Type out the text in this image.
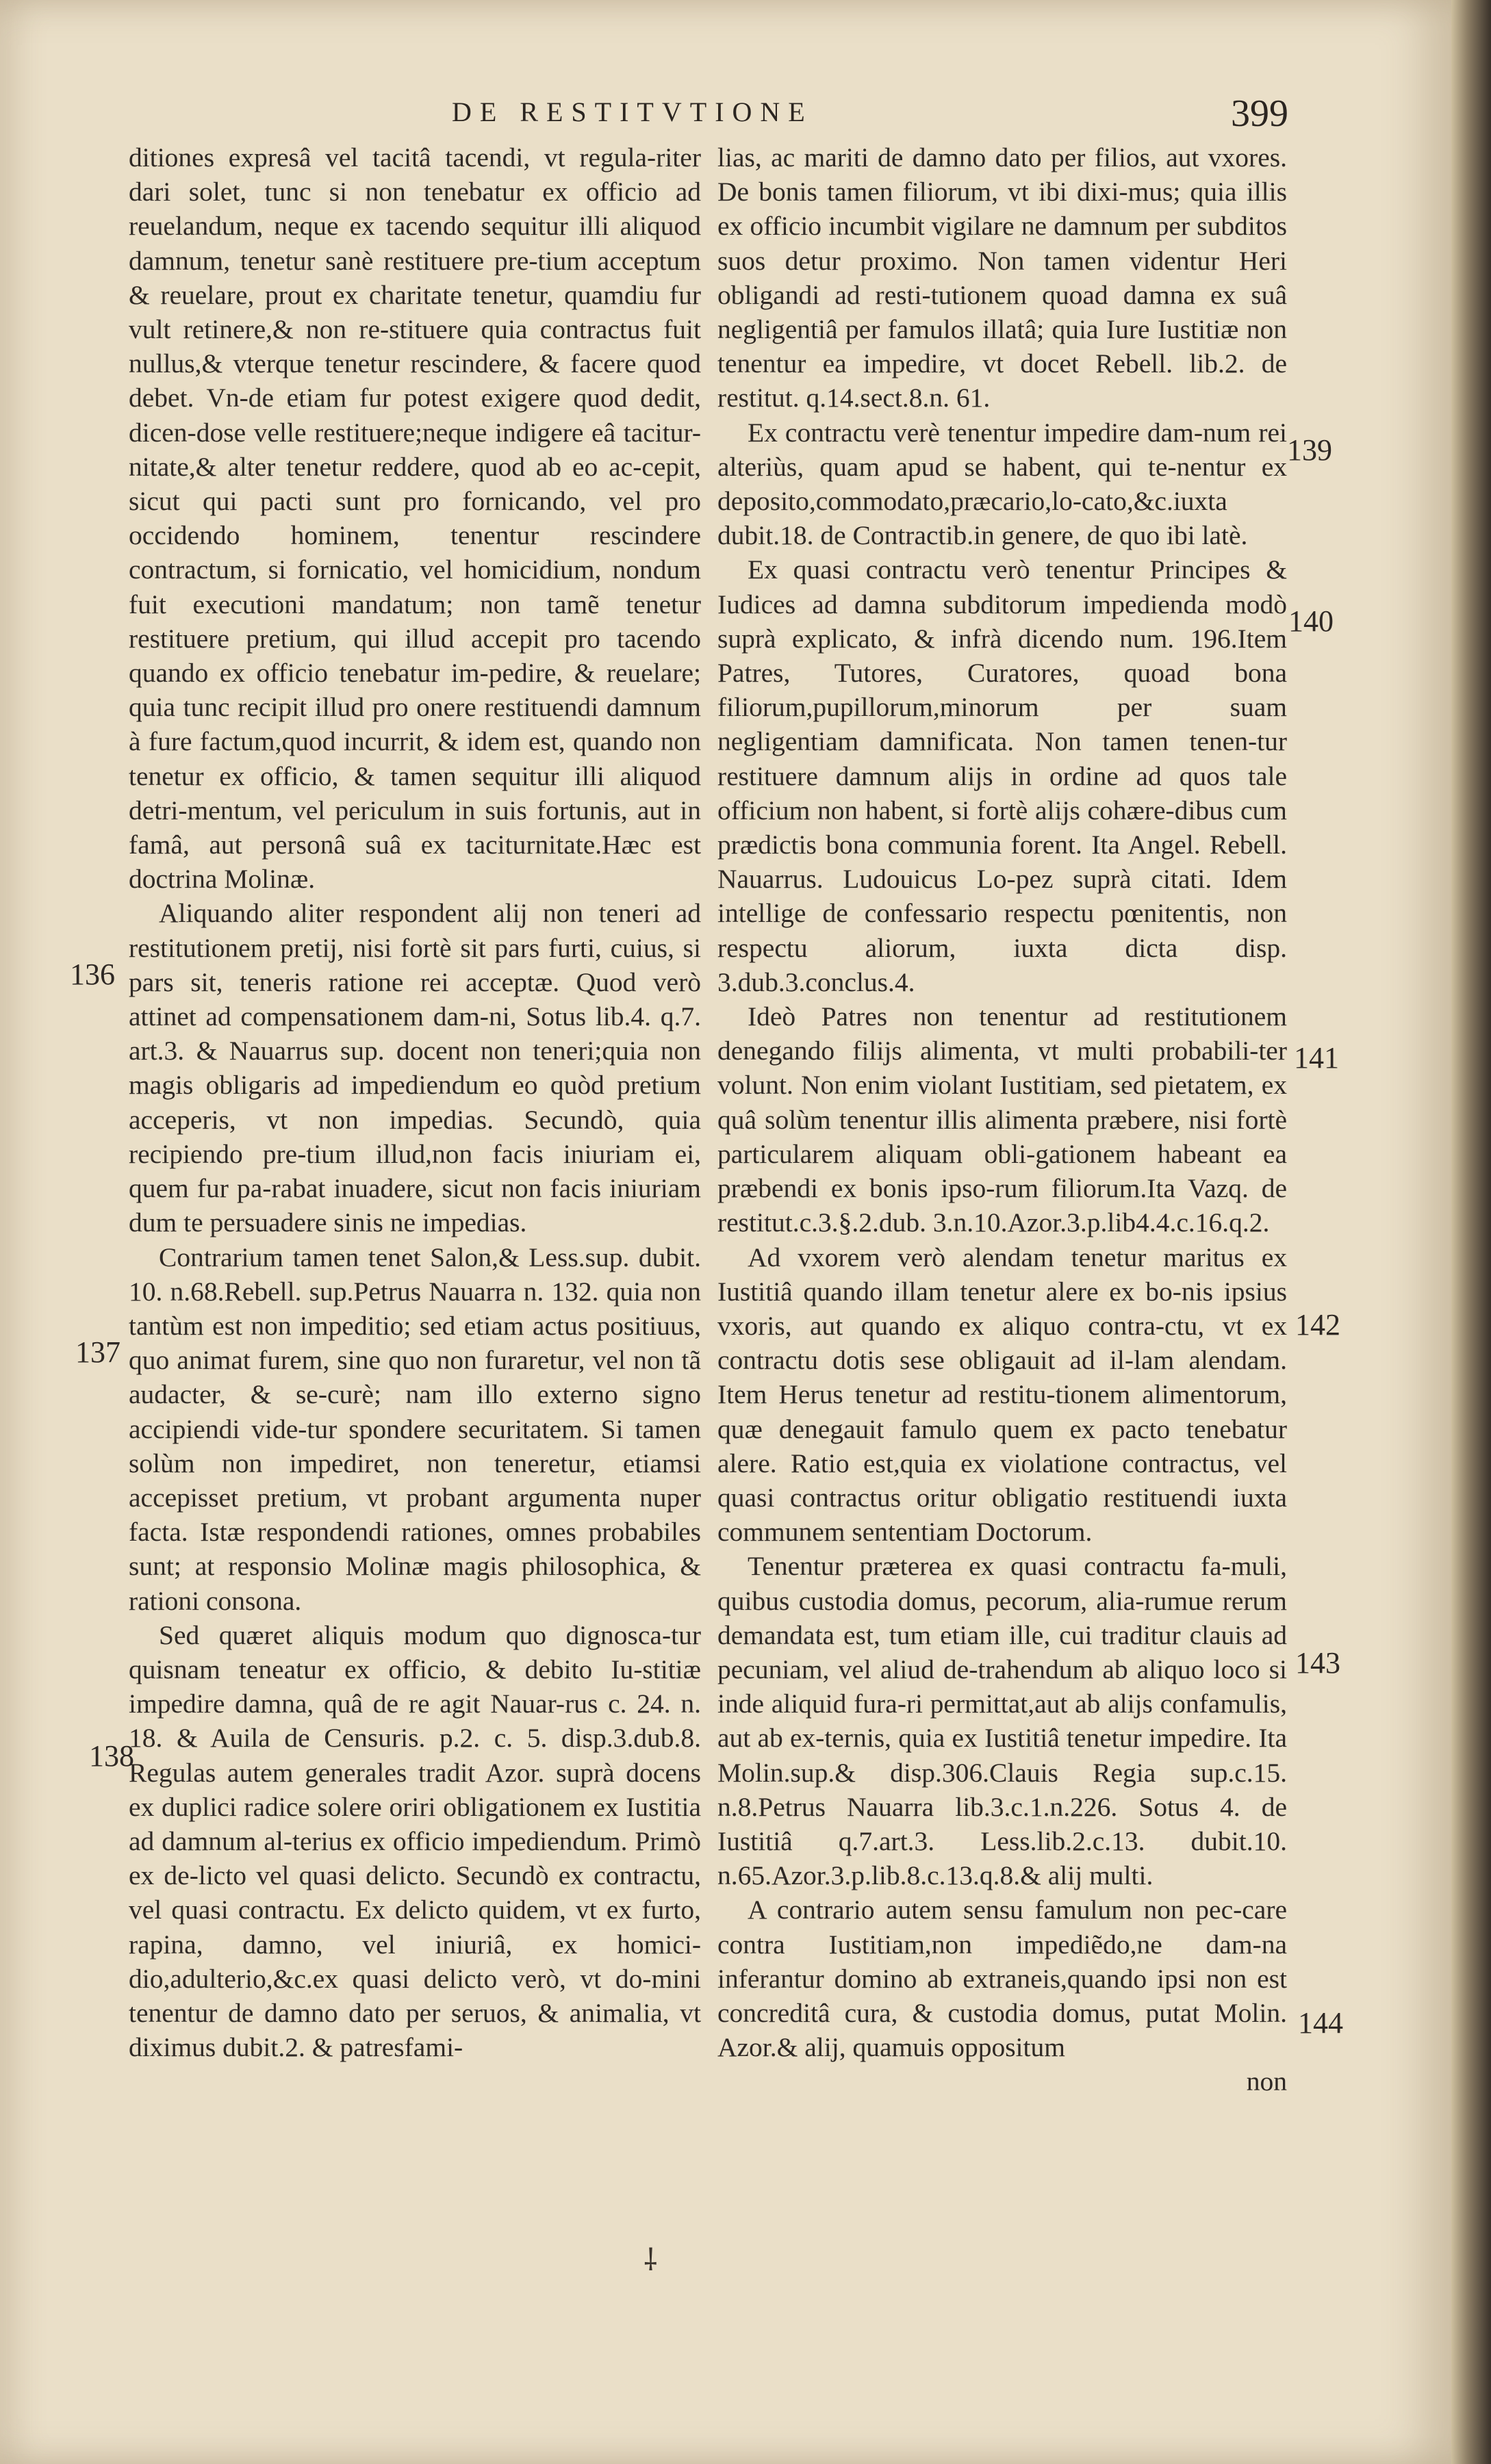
DE RESTITVTIONE	399

ditiones expresâ vel tacitâ tacendi, vt regula-riter dari solet, tunc si non tenebatur ex officio ad reuelandum, neque ex tacendo sequitur illi aliquod damnum, tenetur sanè restituere pre-tium acceptum & reuelare, prout ex charitate tenetur, quamdiu fur vult retinere,& non re-stituere quia contractus fuit nullus,& vterque tenetur rescindere, & facere quod debet. Vn-de etiam fur potest exigere quod dedit, dicen-dose velle restituere;neque indigere eâ tacitur-nitate,& alter tenetur reddere, quod ab eo ac-cepit, sicut qui pacti sunt pro fornicando, vel pro occidendo hominem, tenentur rescindere contractum, si fornicatio, vel homicidium, nondum fuit executioni mandatum; non tamẽ tenetur restituere pretium, qui illud accepit pro tacendo quando ex officio tenebatur im-pedire, & reuelare; quia tunc recipit illud pro onere restituendi damnum à fure factum,quod incurrit, & idem est, quando non tenetur ex officio, & tamen sequitur illi aliquod detri-mentum, vel periculum in suis fortunis, aut in famâ, aut personâ suâ ex taciturnitate.Hæc est doctrina Molinæ.

Aliquando aliter respondent alij non teneri ad restitutionem pretij, nisi fortè sit pars furti, cuius, si pars sit, teneris ratione rei acceptæ. Quod verò attinet ad compensationem dam-ni, Sotus lib.4. q.7. art.3. & Nauarrus sup. docent non teneri;quia non magis obligaris ad impediendum eo quòd pretium acceperis, vt non impedias. Secundò, quia recipiendo pre-tium illud,non facis iniuriam ei, quem fur pa-rabat inuadere, sicut non facis iniuriam dum te persuadere sinis ne impedias.

Contrarium tamen tenet Salon,& Less.sup. dubit. 10. n.68.Rebell. sup.Petrus Nauarra n. 132. quia non tantùm est non impeditio; sed etiam actus positiuus, quo animat furem, sine quo non furaretur, vel non tã audacter, & se-curè; nam illo externo signo accipiendi vide-tur spondere securitatem. Si tamen solùm non impediret, non teneretur, etiamsi accepisset pretium, vt probant argumenta nuper facta. Istæ respondendi rationes, omnes probabiles sunt; at responsio Molinæ magis philosophica, & rationi consona.

Sed quæret aliquis modum quo dignosca-tur quisnam teneatur ex officio, & debito Iu-stitiæ impedire damna, quâ de re agit Nauar-rus c. 24. n. 18. & Auila de Censuris. p.2. c. 5. disp.3.dub.8. Regulas autem generales tradit Azor. suprà docens ex duplici radice solere oriri obligationem ex Iustitia ad damnum al-terius ex officio impediendum. Primò ex de-licto vel quasi delicto. Secundò ex contractu, vel quasi contractu. Ex delicto quidem, vt ex furto, rapina, damno, vel iniuriâ, ex homici-dio,adulterio,&c.ex quasi delicto verò, vt do-mini tenentur de damno dato per seruos, & animalia, vt diximus dubit.2. & patresfami-

lias, ac mariti de damno dato per filios, aut vxores. De bonis tamen filiorum, vt ibi dixi-mus; quia illis ex officio incumbit vigilare ne damnum per subditos suos detur proximo. Non tamen videntur Heri obligandi ad resti-tutionem quoad damna ex suâ negligentiâ per famulos illatâ; quia Iure Iustitiæ non tenentur ea impedire, vt docet Rebell. lib.2. de restitut. q.14.sect.8.n. 61.

Ex contractu verè tenentur impedire dam-num rei alteriùs, quam apud se habent, qui te-nentur ex deposito,commodato,præcario,lo-cato,&c.iuxta dubit.18. de Contractib.in genere, de quo ibi latè.

Ex quasi contractu verò tenentur Principes & Iudices ad damna subditorum impedienda modò suprà explicato, & infrà dicendo num. 196.Item Patres, Tutores, Curatores, quoad bona filiorum,pupillorum,minorum per suam negligentiam damnificata. Non tamen tenen-tur restituere damnum alijs in ordine ad quos tale officium non habent, si fortè alijs cohære-dibus cum prædictis bona communia forent. Ita Angel. Rebell. Nauarrus. Ludouicus Lo-pez suprà citati. Idem intellige de confessario respectu pœnitentis, non respectu aliorum, iuxta dicta disp. 3.dub.3.conclus.4.

Ideò Patres non tenentur ad restitutionem denegando filijs alimenta, vt multi probabili-ter volunt. Non enim violant Iustitiam, sed pietatem, ex quâ solùm tenentur illis alimenta præbere, nisi fortè particularem aliquam obli-gationem habeant ea præbendi ex bonis ipso-rum filiorum.Ita Vazq. de restitut.c.3.§.2.dub. 3.n.10.Azor.3.p.lib4.4.c.16.q.2.

Ad vxorem verò alendam tenetur maritus ex Iustitiâ quando illam tenetur alere ex bo-nis ipsius vxoris, aut quando ex aliquo contra-ctu, vt ex contractu dotis sese obligauit ad il-lam alendam. Item Herus tenetur ad restitu-tionem alimentorum, quæ denegauit famulo quem ex pacto tenebatur alere. Ratio est,quia ex violatione contractus, vel quasi contractus oritur obligatio restituendi iuxta communem sententiam Doctorum.

Tenentur præterea ex quasi contractu fa-muli, quibus custodia domus, pecorum, alia-rumue rerum demandata est, tum etiam ille, cui traditur clauis ad pecuniam, vel aliud de-trahendum ab aliquo loco si inde aliquid fura-ri permittat,aut ab alijs confamulis, aut ab ex-ternis, quia ex Iustitiâ tenetur impedire. Ita Molin.sup.& disp.306.Clauis Regia sup.c.15. n.8.Petrus Nauarra lib.3.c.1.n.226. Sotus 4. de Iustitiâ q.7.art.3. Less.lib.2.c.13. dubit.10. n.65.Azor.3.p.lib.8.c.13.q.8.& alij multi.

A contrario autem sensu famulum non pec-care contra Iustitiam,non impediẽdo,ne dam-na inferantur domino ab extraneis,quando ipsi non est concreditâ cura, & custodia domus, putat Molin. Azor.& alij, quamuis oppositum

non

136
137
138
139
140
141
142
143
144
⸸
